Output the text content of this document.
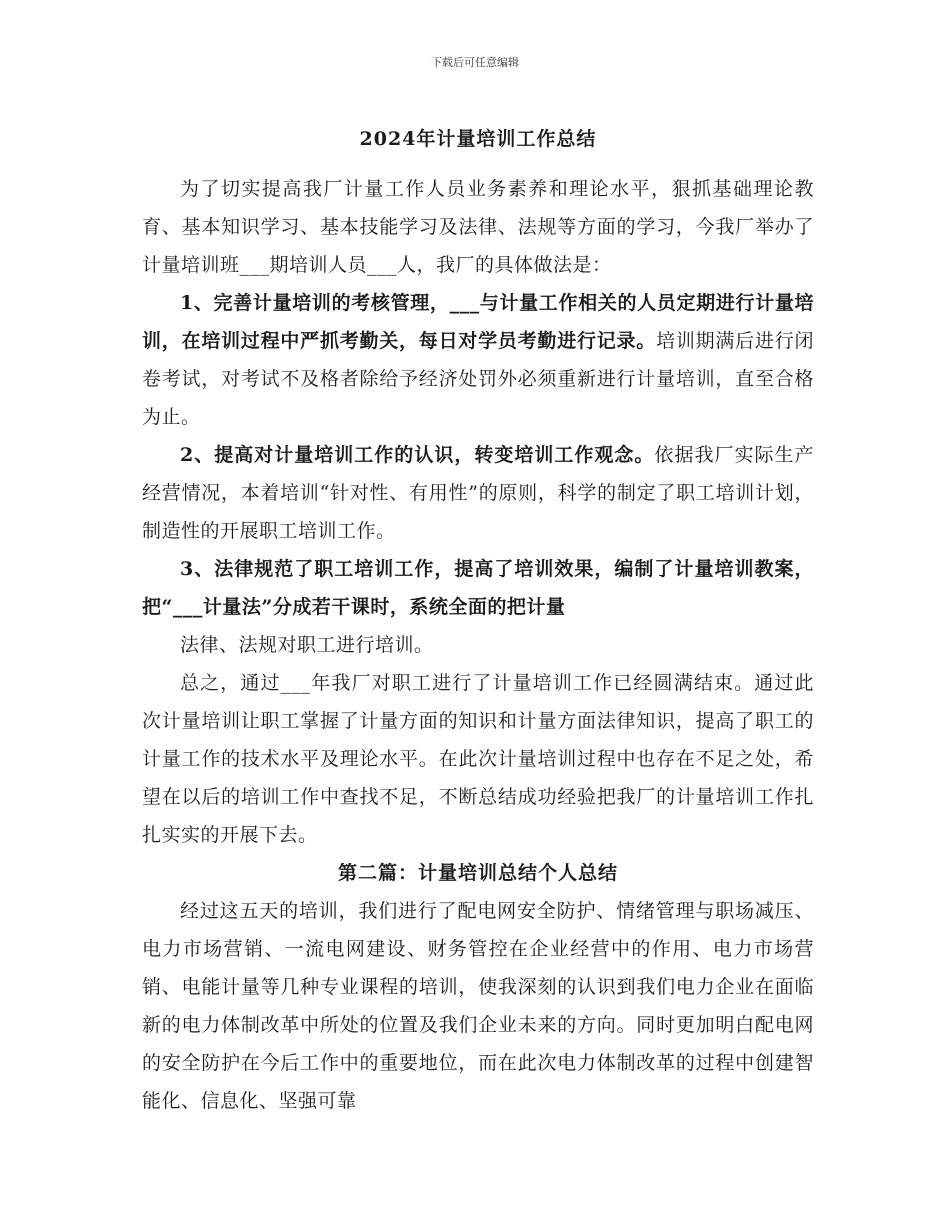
下载后可任意编辑
2024年计量培训工作总结

为了切实提高我厂计量工作人员业务素养和理论水平，狠抓基础理论教育、基本知识学习、基本技能学习及法律、法规等方面的学习，今我厂举办了计量培训班___期培训人员___人，我厂的具体做法是：

1、完善计量培训的考核管理，___与计量工作相关的人员定期进行计量培训，在培训过程中严抓考勤关，每日对学员考勤进行记录。培训期满后进行闭卷考试，对考试不及格者除给予经济处罚外必须重新进行计量培训，直至合格为止。

2、提高对计量培训工作的认识，转变培训工作观念。依据我厂实际生产经营情况，本着培训“针对性、有用性”的原则，科学的制定了职工培训计划，制造性的开展职工培训工作。

3、法律规范了职工培训工作，提高了培训效果，编制了计量培训教案，把“___计量法”分成若干课时，系统全面的把计量

法律、法规对职工进行培训。

总之，通过___年我厂对职工进行了计量培训工作已经圆满结束。通过此次计量培训让职工掌握了计量方面的知识和计量方面法律知识，提高了职工的计量工作的技术水平及理论水平。在此次计量培训过程中也存在不足之处，希望在以后的培训工作中查找不足，不断总结成功经验把我厂的计量培训工作扎扎实实的开展下去。

第二篇：计量培训总结个人总结

经过这五天的培训，我们进行了配电网安全防护、情绪管理与职场减压、电力市场营销、一流电网建设、财务管控在企业经营中的作用、电力市场营销、电能计量等几种专业课程的培训，使我深刻的认识到我们电力企业在面临新的电力体制改革中所处的位置及我们企业未来的方向。同时更加明白配电网的安全防护在今后工作中的重要地位，而在此次电力体制改革的过程中创建智能化、信息化、坚强可靠
